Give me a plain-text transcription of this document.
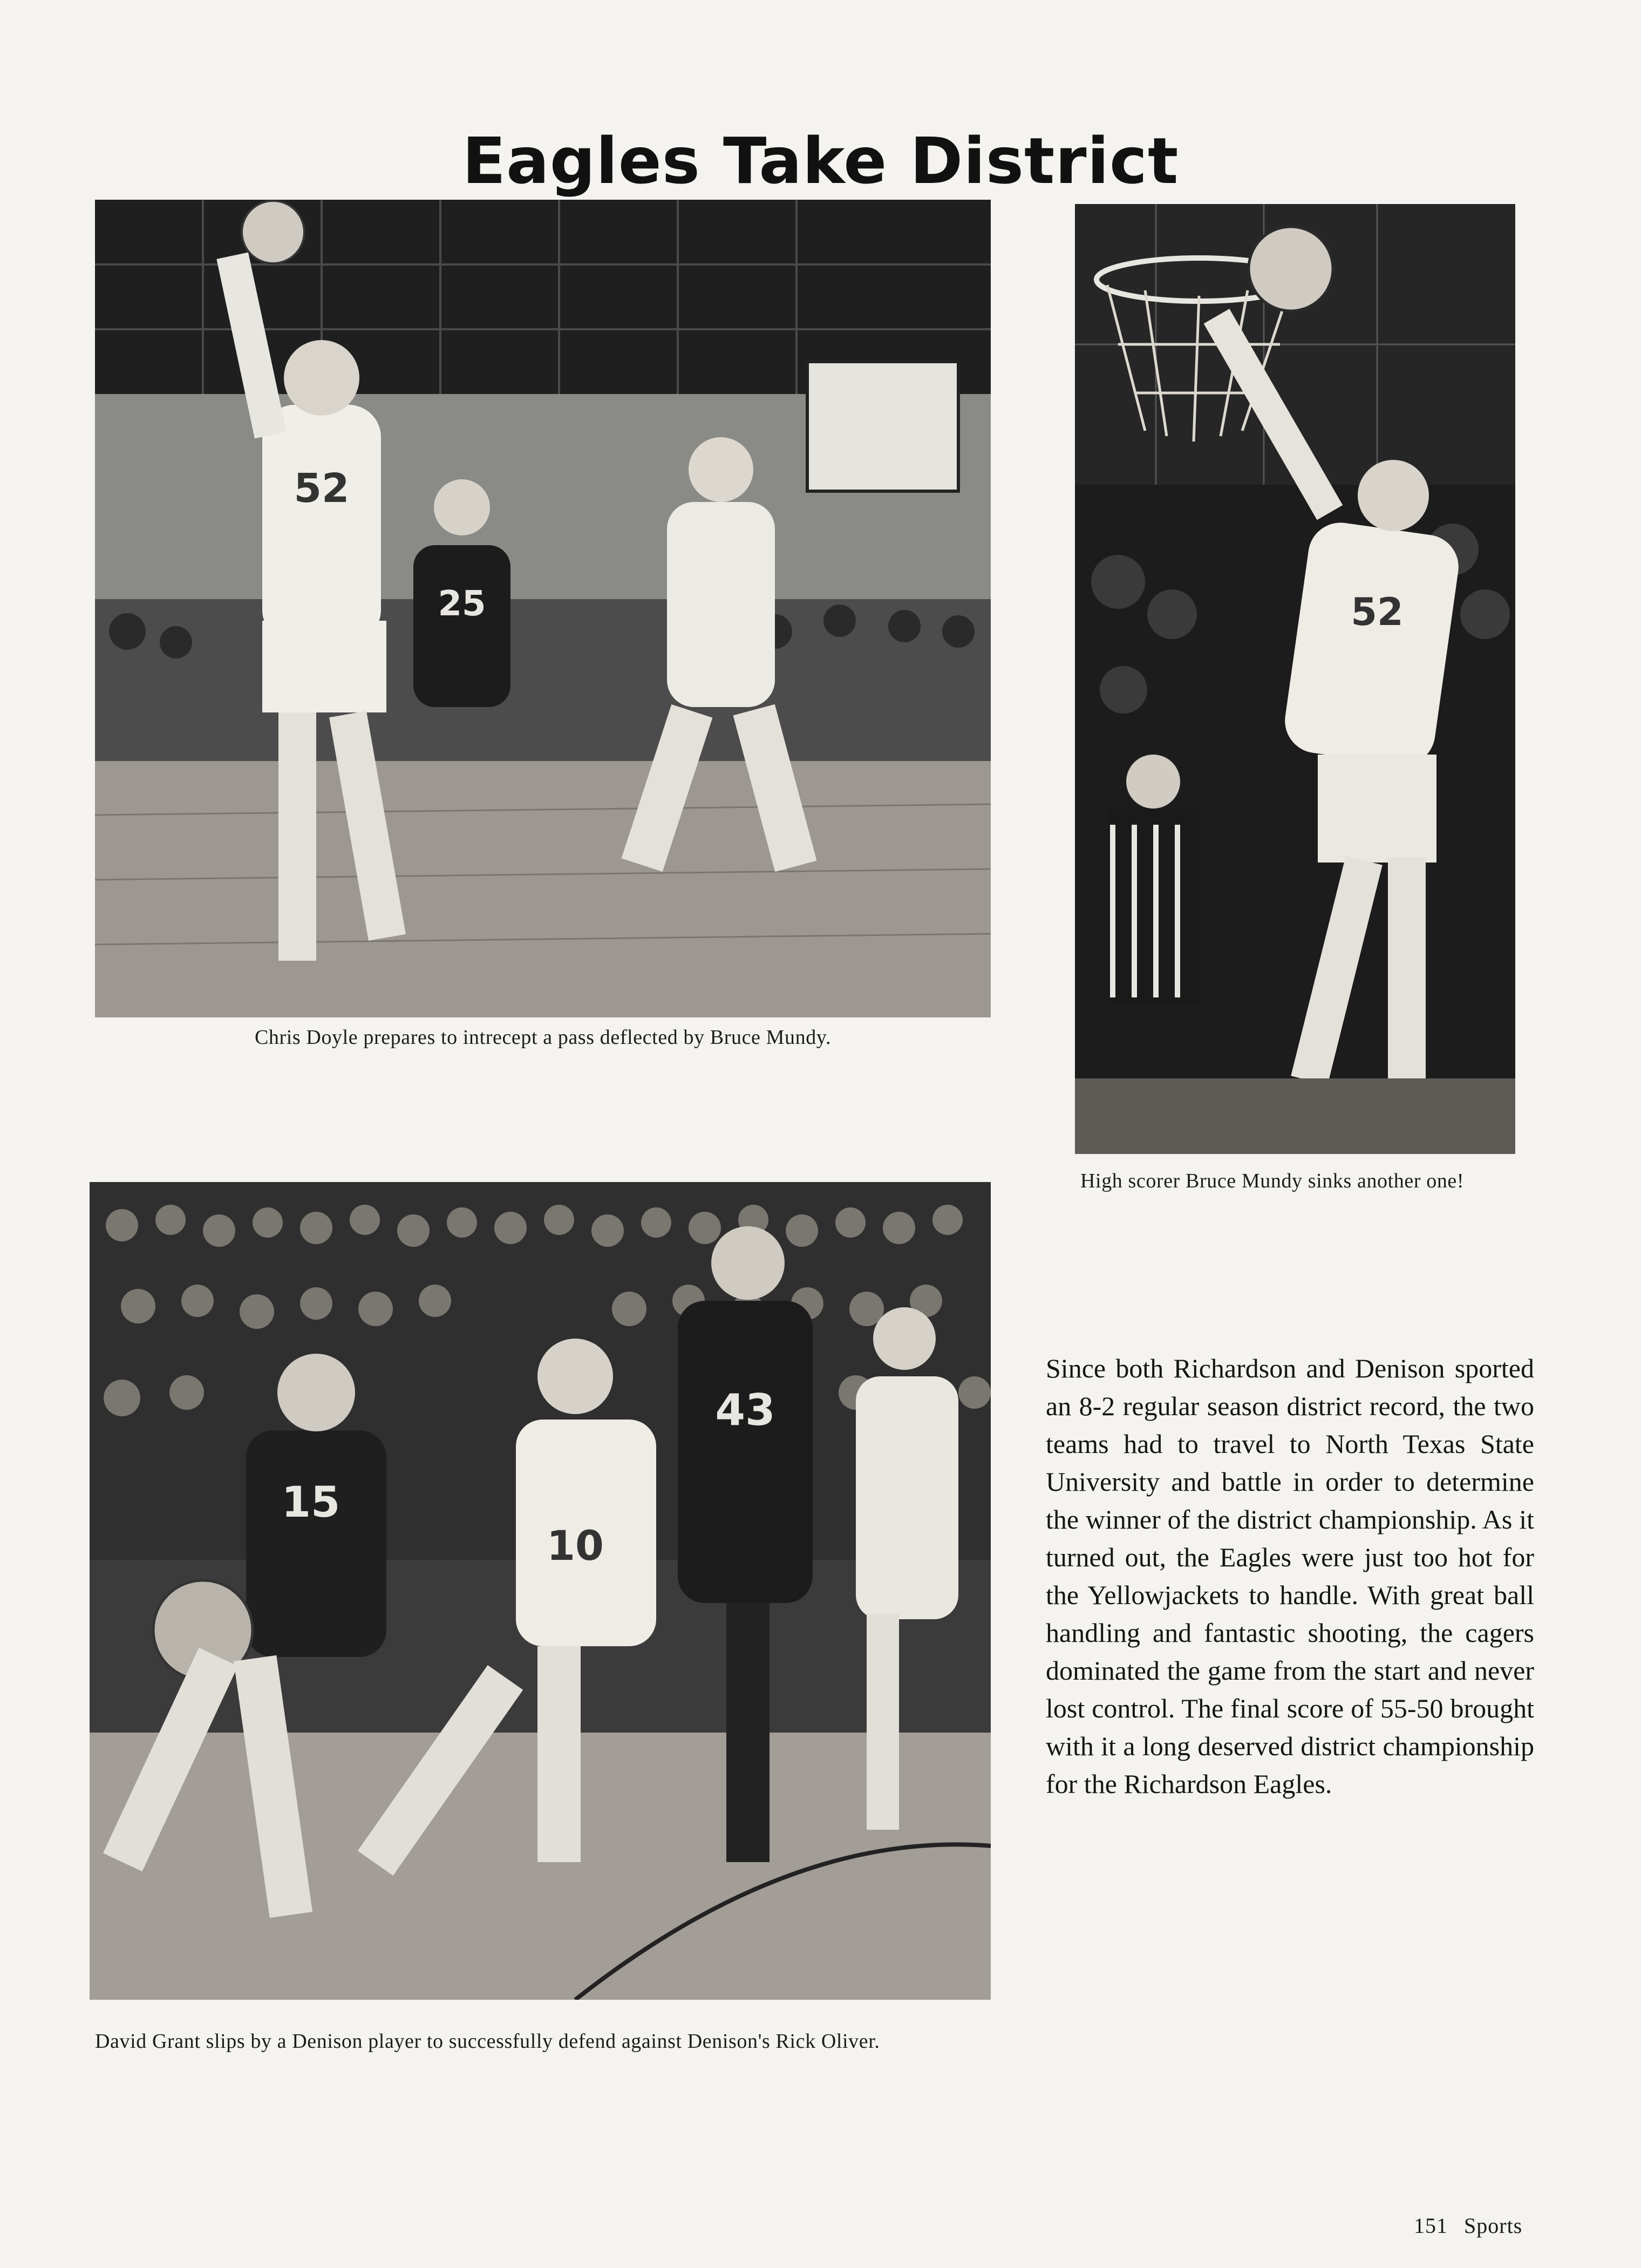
Eagles Take District
52
25
Chris Doyle prepares to intrecept a pass deflected by Bruce Mundy.
52
High scorer Bruce Mundy sinks another one!
15
10
43
David Grant slips by a Denison player to successfully defend against Denison's Rick Oliver.

Since both Richardson and Denison sported an 8-2 regular season district record, the two teams had to travel to North Texas State University and battle in order to determine the winner of the district championship. As it turned out, the Eagles were just too hot for the Yellowjackets to handle. With great ball handling and fantastic shooting, the cagers dominated the game from the start and never lost control. The final score of 55-50 brought with it a long deserved district championship for the Richardson Eagles.

151 Sports
